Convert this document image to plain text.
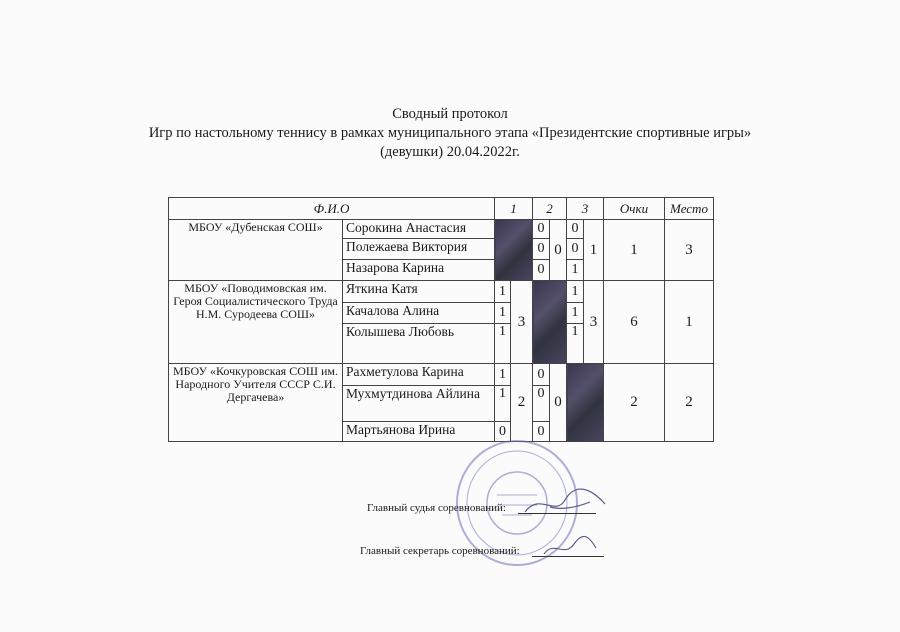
Сводный протокол
Игр по настольному теннису в рамках муниципального этапа «Президентские спортивные игры»
(девушки) 20.04.2022г.
Ф.И.О		1		2		3		Очки	Место
МБОУ «Дубенская СОШ»	Сорокина Анастасия			0	0	0	1	1	3
	Полежаева Виктория			0		0			
	Назарова Карина			0		1			
МБОУ «Поводимовская им. Героя Социалистического Труда Н.М. Суродеева СОШ»	Яткина Катя	1	3			1	3	6	1
	Качалова Алина	1				1			
	Колышева Любовь	1				1			
МБОУ «Кочкуровская СОШ им. Народного Учителя СССР С.И. Дергачева»	Рахметулова Карина	1	2	0	0			2	2
	Мухмутдинова Айлина	1		0					
	Мартьянова Ирина	0		0					
Главный судья соревнований:
Главный секретарь соревнований:
